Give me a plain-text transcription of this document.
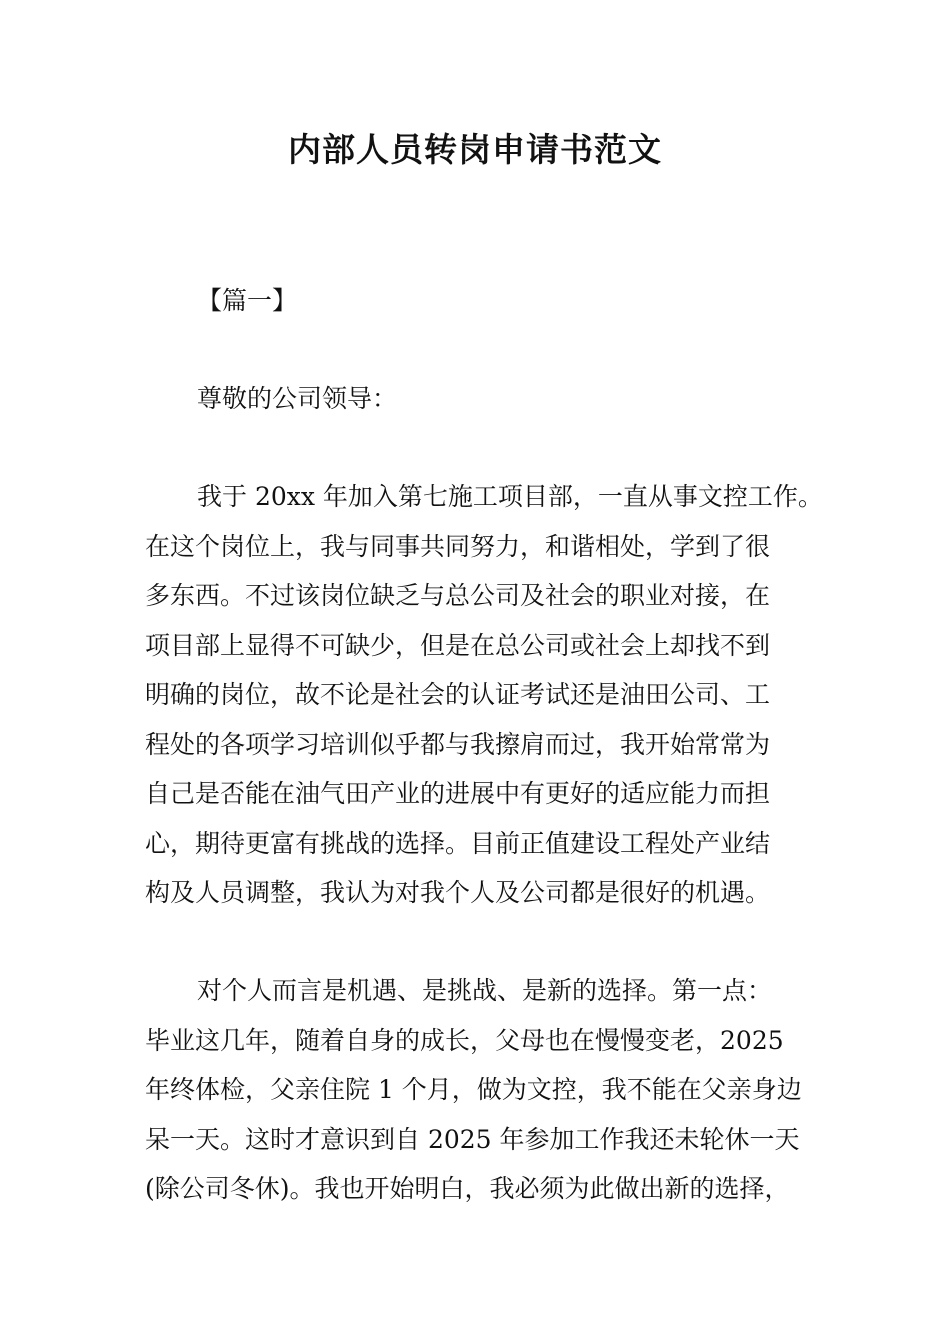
内部人员转岗申请书范文

【篇一】

尊敬的公司领导：

我于 20xx 年加入第七施工项目部，一直从事文控工作。
在这个岗位上，我与同事共同努力，和谐相处，学到了很
多东西。不过该岗位缺乏与总公司及社会的职业对接，在
项目部上显得不可缺少，但是在总公司或社会上却找不到
明确的岗位，故不论是社会的认证考试还是油田公司、工
程处的各项学习培训似乎都与我擦肩而过，我开始常常为
自己是否能在油气田产业的进展中有更好的适应能力而担
心，期待更富有挑战的选择。目前正值建设工程处产业结
构及人员调整，我认为对我个人及公司都是很好的机遇。
对个人而言是机遇、是挑战、是新的选择。第一点：
毕业这几年，随着自身的成长，父母也在慢慢变老，2025
年终体检，父亲住院 1 个月，做为文控，我不能在父亲身边
呆一天。这时才意识到自 2025 年参加工作我还未轮休一天
(除公司冬休)。我也开始明白，我必须为此做出新的选择，
